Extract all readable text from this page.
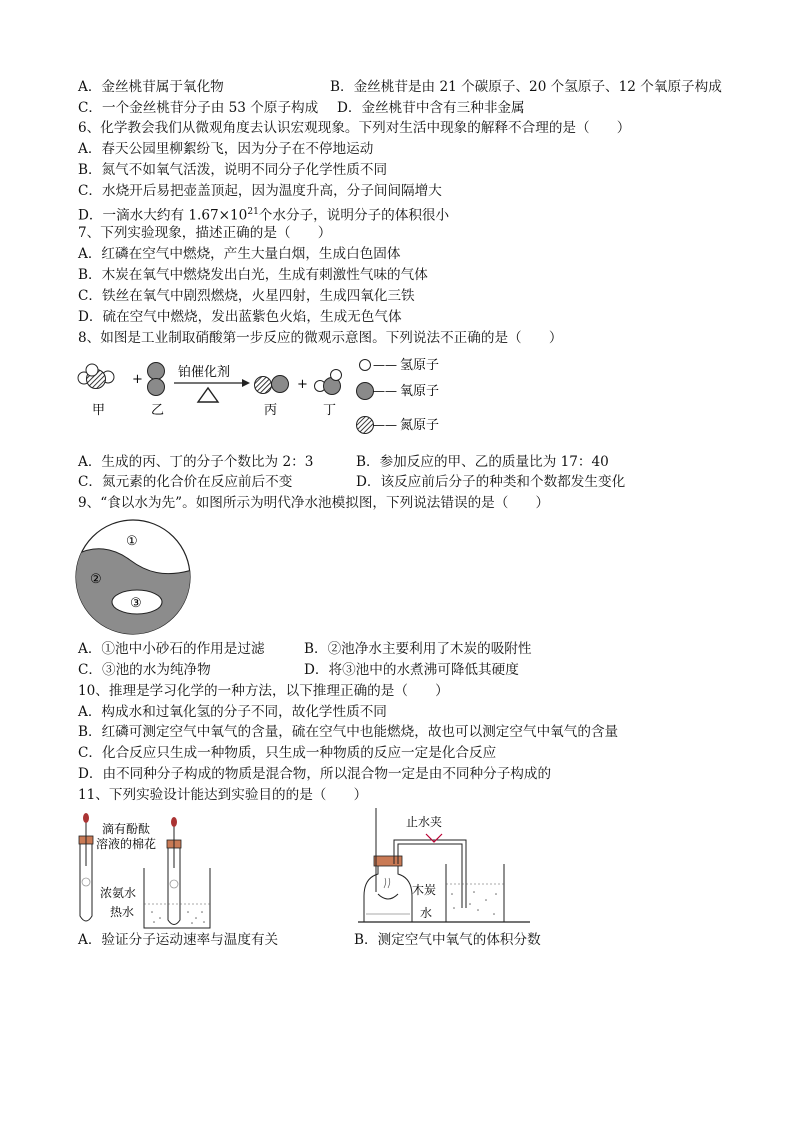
A．金丝桃苷属于氧化物	B．金丝桃苷是由 21 个碳原子、20 个氢原子、12 个氧原子构成
C．一个金丝桃苷分子由 53 个原子构成 D．金丝桃苷中含有三种非金属
6、化学教会我们从微观角度去认识宏观现象。下列对生活中现象的解释不合理的是（　　）
A．春天公园里柳絮纷飞，因为分子在不停地运动
B．氮气不如氧气活泼，说明不同分子化学性质不同
C．水烧开后易把壶盖顶起，因为温度升高，分子间间隔增大
D．一滴水大约有 $1.67\times 10^{21}$个水分子，说明分子的体积很小
7、下列实验现象，描述正确的是（　　）
A．红磷在空气中燃烧，产生大量白烟，生成白色固体
B．木炭在氧气中燃烧发出白光，生成有刺激性气味的气体
C．铁丝在氧气中剧烈燃烧，火星四射，生成四氧化三铁
D．硫在空气中燃烧，发出蓝紫色火焰，生成无色气体
8、如图是工业制取硝酸第一步反应的微观示意图。下列说法不正确的是（　　）
+	铂催化剂
+
甲	乙	丙	丁
—— 氢原子
—— 氧原子
—— 氮原子
A．生成的丙、丁的分子个数比为 2：3	B．参加反应的甲、乙的质量比为 17：40
C．氮元素的化合价在反应前后不变	D．该反应前后分子的种类和个数都发生变化
9、“食以水为先”。如图所示为明代净水池模拟图，下列说法错误的是（　　）
①
②
③
A．①池中小砂石的作用是过滤	B．②池净水主要利用了木炭的吸附性
C．③池的水为纯净物	D．将③池中的水煮沸可降低其硬度
10、推理是学习化学的一种方法，以下推理正确的是（　　）
A．构成水和过氧化氢的分子不同，故化学性质不同
B．红磷可测定空气中氧气的含量，硫在空气中也能燃烧，故也可以测定空气中氧气的含量
C．化合反应只生成一种物质，只生成一种物质的反应一定是化合反应
D．由不同种分子构成的物质是混合物，所以混合物一定是由不同种分子构成的
11、下列实验设计能达到实验目的的是（　　）
滴有酚酞
溶液的棉花
浓氨水
热水
止水夹
木炭
水
A．验证分子运动速率与温度有关	B．测定空气中氧气的体积分数
